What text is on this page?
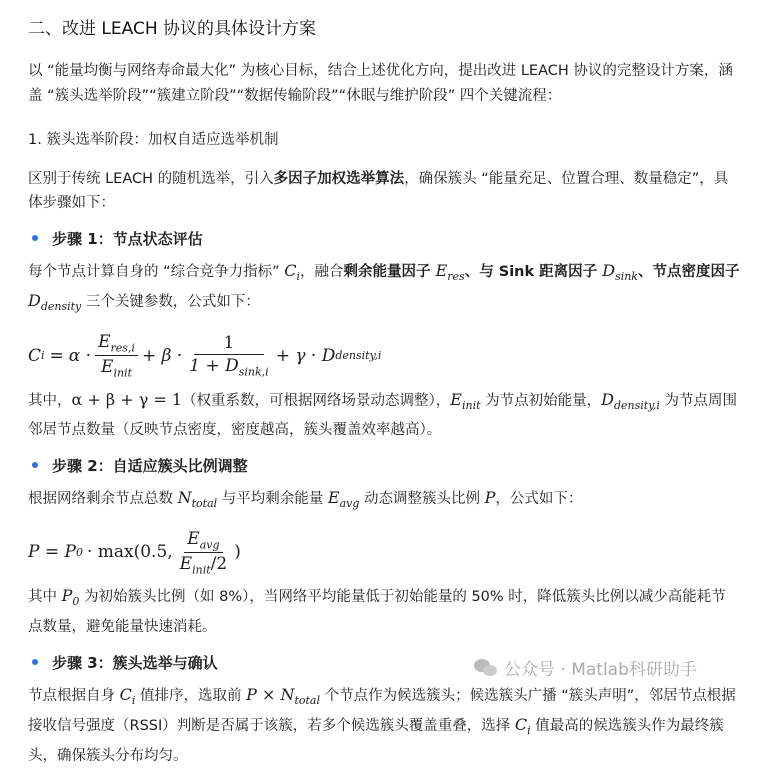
二、改进 LEACH 协议的具体设计方案

以 “能量均衡与网络寿命最大化” 为核心目标，结合上述优化方向，提出改进 LEACH 协议的完整设计方案，涵盖 “簇头选举阶段”“簇建立阶段”“数据传输阶段”“休眠与维护阶段” 四个关键流程：

1. 簇头选举阶段：加权自适应选举机制

区别于传统 LEACH 的随机选举，引入多因子加权选举算法，确保簇头 “能量充足、位置合理、数量稳定”，具体步骤如下：

步骤 1：节点状态评估

每个节点计算自身的 “综合竞争力指标” $C_i$，融合剩余能量因子 $E_{res}$、与 Sink 距离因子 $D_{sink}$、节点密度因子 $D_{density}$ 三个关键参数，公式如下：

C $i = \alpha \cdot \frac{E_{res,i}}{E_{init}} + \beta \cdot \frac{1}{1 + D_{sink,i}} + \gamma \cdot D$ density,i

其中，α + β + γ = 1（权重系数，可根据网络场景动态调整），$E_{init}$ 为节点初始能量，$D_{density,i}$ 为节点周围邻居节点数量（反映节点密度，密度越高，簇头覆盖效率越高）。

步骤 2：自适应簇头比例调整

根据网络剩余节点总数 $N_{total}$ 与平均剩余能量 $E_{avg}$ 动态调整簇头比例 P，公式如下：

P = P 0 · max(0.5, $\frac{E_{avg}}{E_{init}/2}$ )

其中 $P_0$ 为初始簇头比例（如 8%），当网络平均能量低于初始能量的 50% 时，降低簇头比例以减少高能耗节点数量，避免能量快速消耗。

步骤 3：簇头选举与确认

节点根据自身 $C_i$ 值排序，选取前 $P \times N_{total}$ 个节点作为候选簇头；候选簇头广播 “簇头声明”，邻居节点根据接收信号强度（RSSI）判断是否属于该簇，若多个候选簇头覆盖重叠，选择 $C_i$ 值最高的候选簇头作为最终簇头，确保簇头分布均匀。

公众号 · Matlab科研助手
